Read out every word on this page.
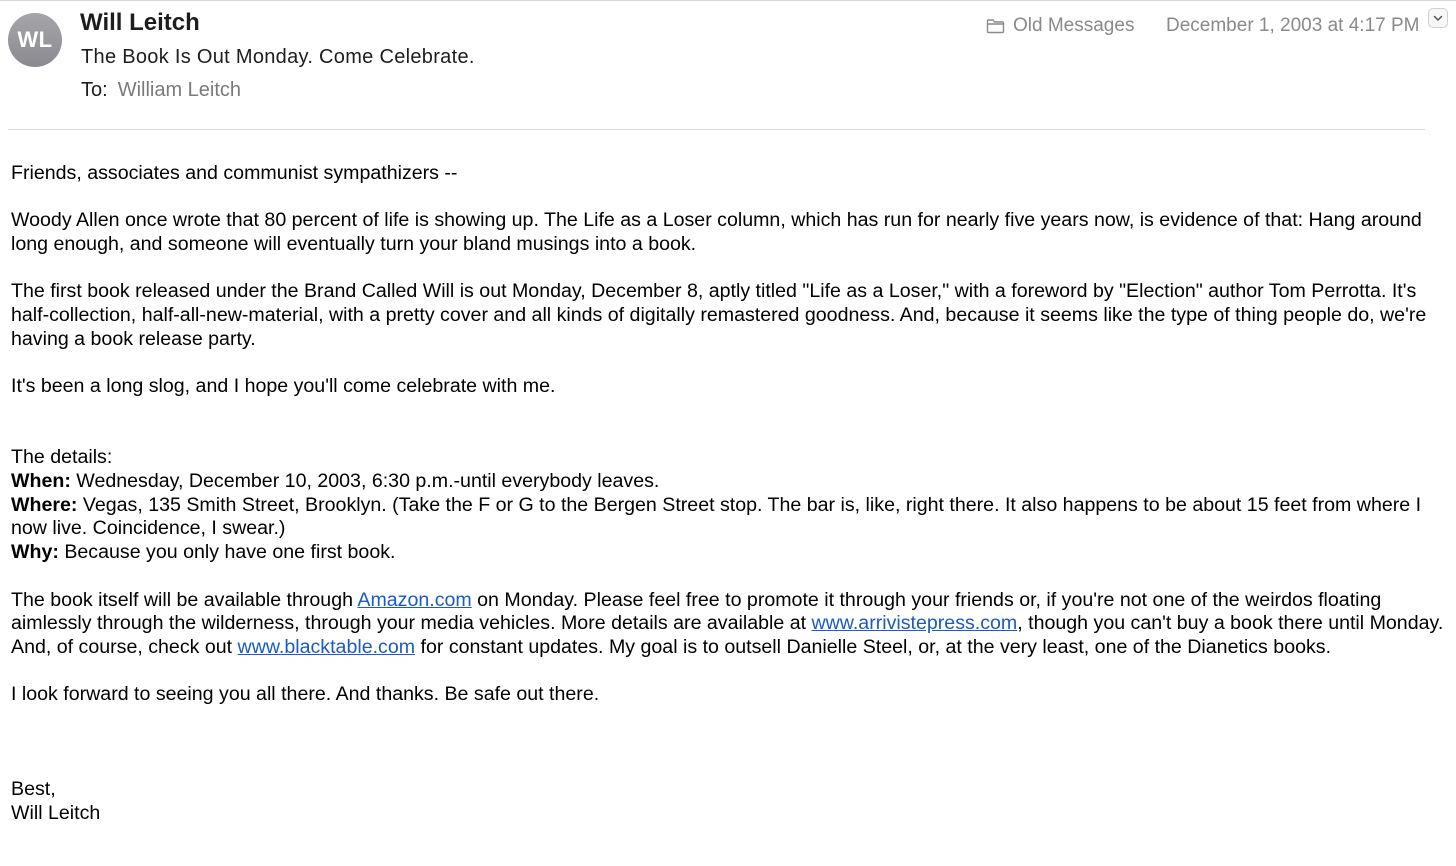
WL
Will Leitch
The Book Is Out Monday. Come Celebrate.
To: William Leitch
Old Messages December 1, 2003 at 4:17 PM

Friends, associates and communist sympathizers --

Woody Allen once wrote that 80 percent of life is showing up. The Life as a Loser column, which has run for nearly five years now, is evidence of that: Hang around long enough, and someone will eventually turn your bland musings into a book.

The first book released under the Brand Called Will is out Monday, December 8, aptly titled "Life as a Loser," with a foreword by "Election" author Tom Perrotta. It's half-collection, half-all-new-material, with a pretty cover and all kinds of digitally remastered goodness. And, because it seems like the type of thing people do, we're having a book release party.

It's been a long slog, and I hope you'll come celebrate with me.

The details:
When: Wednesday, December 10, 2003, 6:30 p.m.-until everybody leaves.
Where: Vegas, 135 Smith Street, Brooklyn. (Take the F or G to the Bergen Street stop. The bar is, like, right there. It also happens to be about 15 feet from where I now live. Coincidence, I swear.)
Why: Because you only have one first book.

The book itself will be available through Amazon.com on Monday. Please feel free to promote it through your friends or, if you're not one of the weirdos floating aimlessly through the wilderness, through your media vehicles. More details are available at www.arrivistepress.com, though you can't buy a book there until Monday. And, of course, check out www.blacktable.com for constant updates. My goal is to outsell Danielle Steel, or, at the very least, one of the Dianetics books.

I look forward to seeing you all there. And thanks. Be safe out there.

Best,
Will Leitch
